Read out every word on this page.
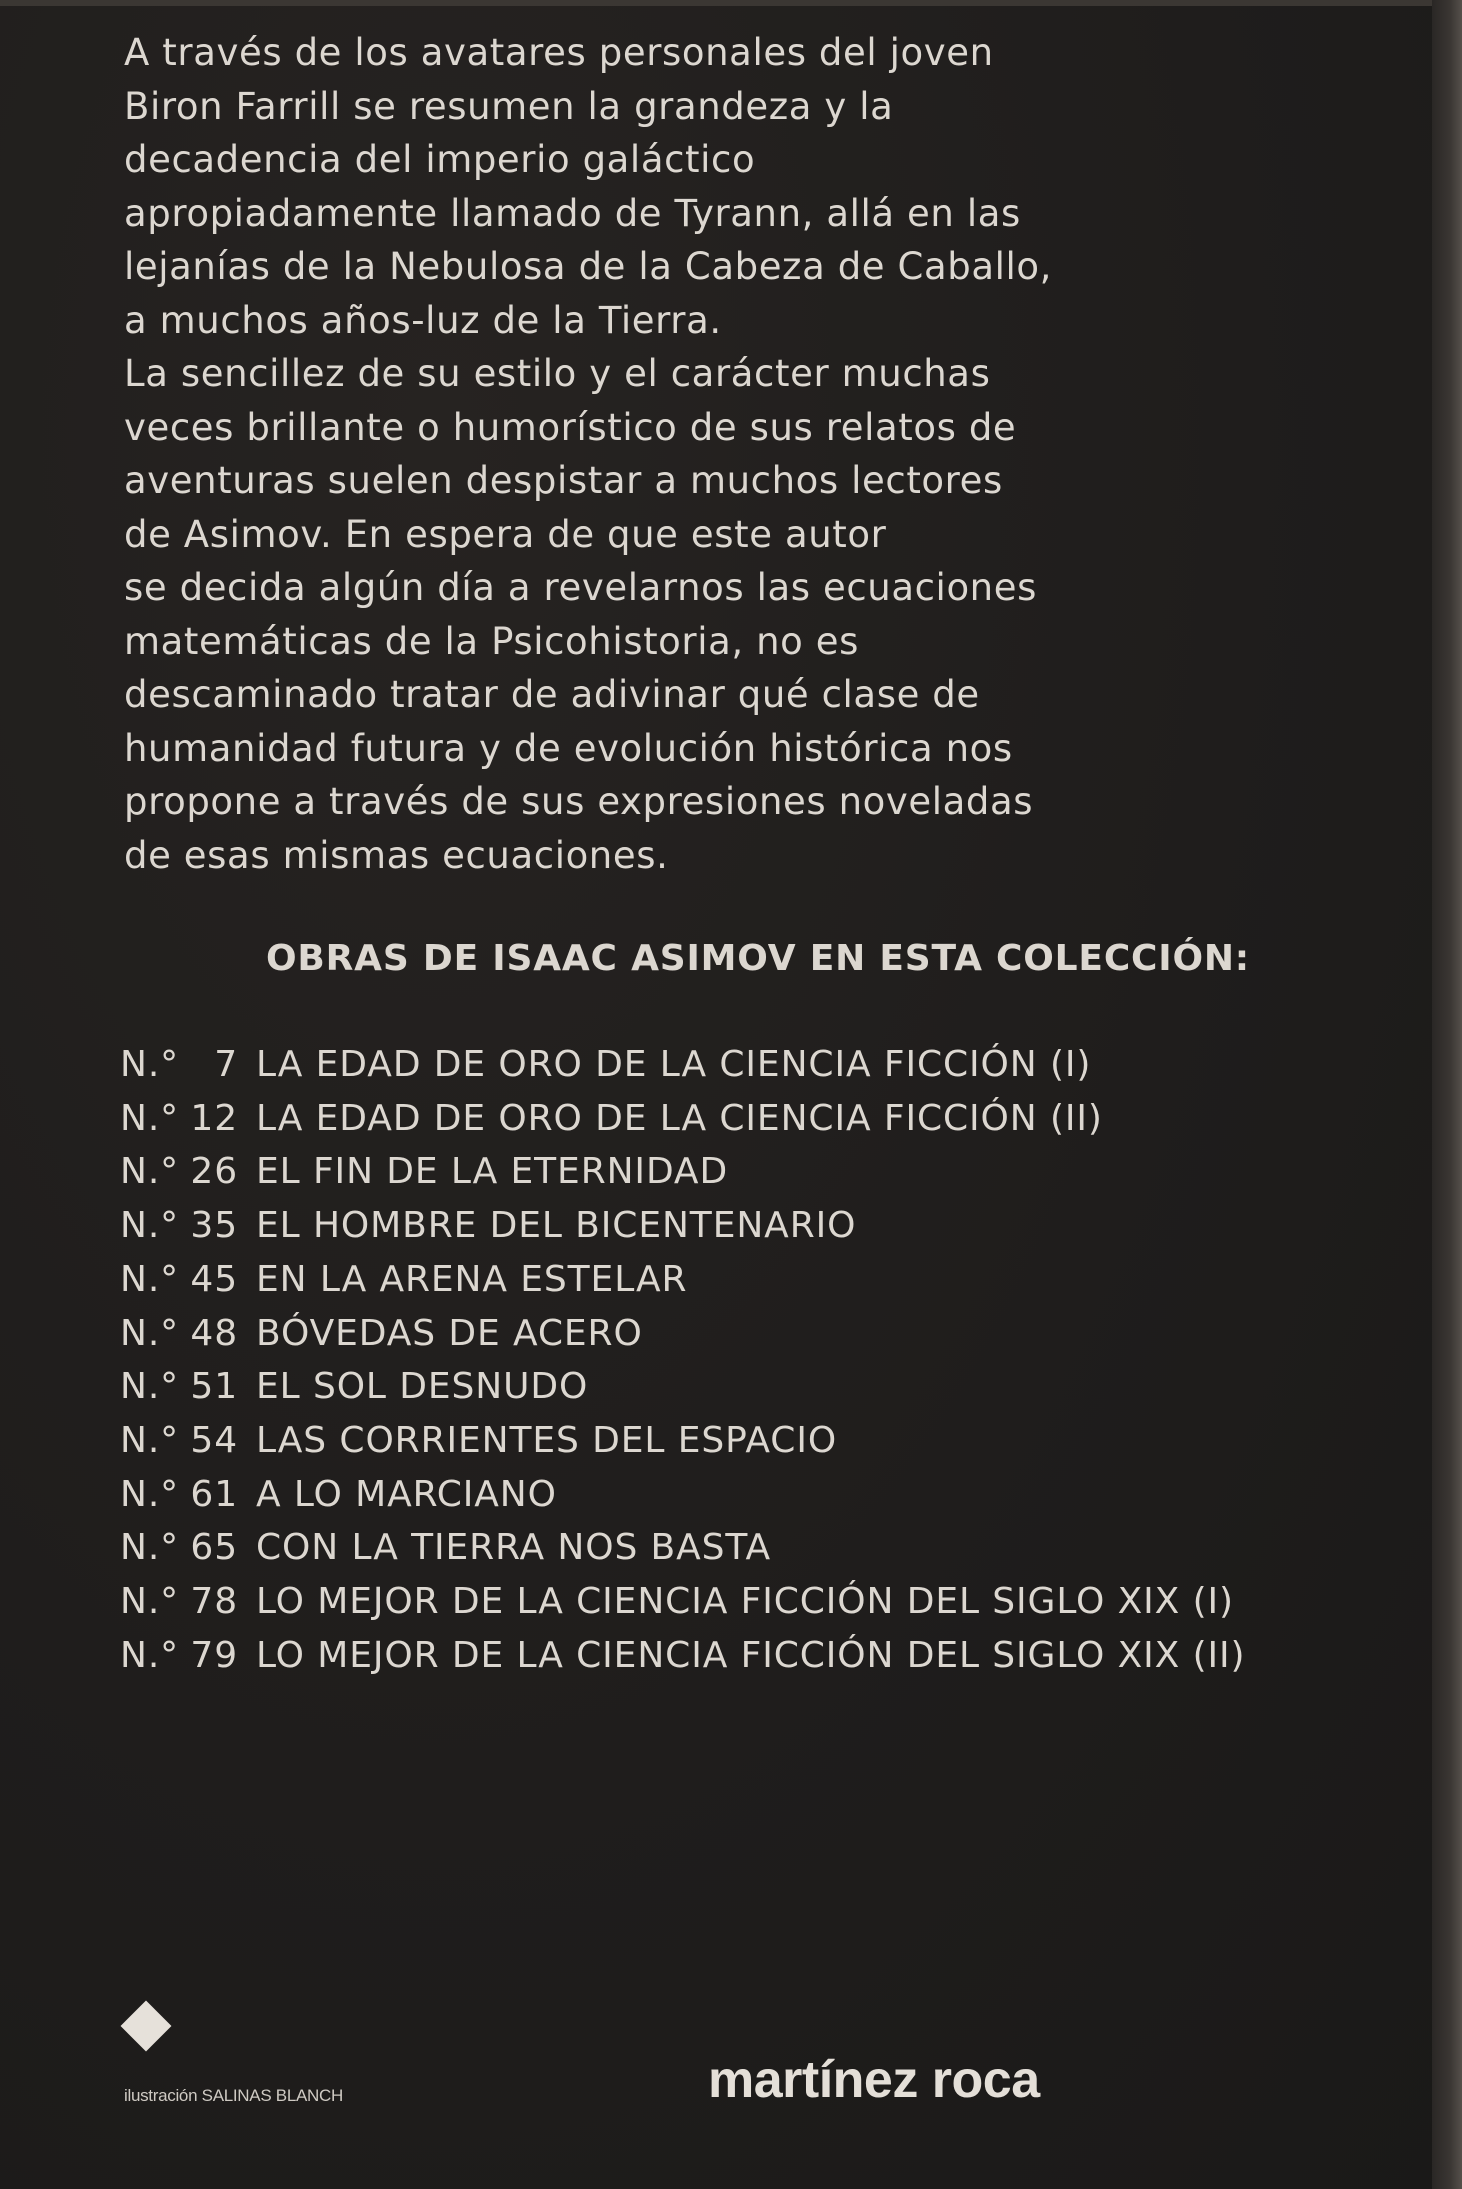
A través de los avatares personales del joven

Biron Farrill se resumen la grandeza y la

decadencia del imperio galáctico

apropiadamente llamado de Tyrann, allá en las

lejanías de la Nebulosa de la Cabeza de Caballo,

a muchos años-luz de la Tierra.

La sencillez de su estilo y el carácter muchas

veces brillante o humorístico de sus relatos de

aventuras suelen despistar a muchos lectores

de Asimov. En espera de que este autor

se decida algún día a revelarnos las ecuaciones

matemáticas de la Psicohistoria, no es

descaminado tratar de adivinar qué clase de

humanidad futura y de evolución histórica nos

propone a través de sus expresiones noveladas

de esas mismas ecuaciones.

OBRAS DE ISAAC ASIMOV EN ESTA COLECCIÓN:
N.° 7 LA EDAD DE ORO DE LA CIENCIA FICCIÓN (I)
N.° 12 LA EDAD DE ORO DE LA CIENCIA FICCIÓN (II)
N.° 26 EL FIN DE LA ETERNIDAD
N.° 35 EL HOMBRE DEL BICENTENARIO
N.° 45 EN LA ARENA ESTELAR
N.° 48 BÓVEDAS DE ACERO
N.° 51 EL SOL DESNUDO
N.° 54 LAS CORRIENTES DEL ESPACIO
N.° 61 A LO MARCIANO
N.° 65 CON LA TIERRA NOS BASTA
N.° 78 LO MEJOR DE LA CIENCIA FICCIÓN DEL SIGLO XIX (I)
N.° 79 LO MEJOR DE LA CIENCIA FICCIÓN DEL SIGLO XIX (II)
ilustración SALINAS BLANCH	martínez roca
